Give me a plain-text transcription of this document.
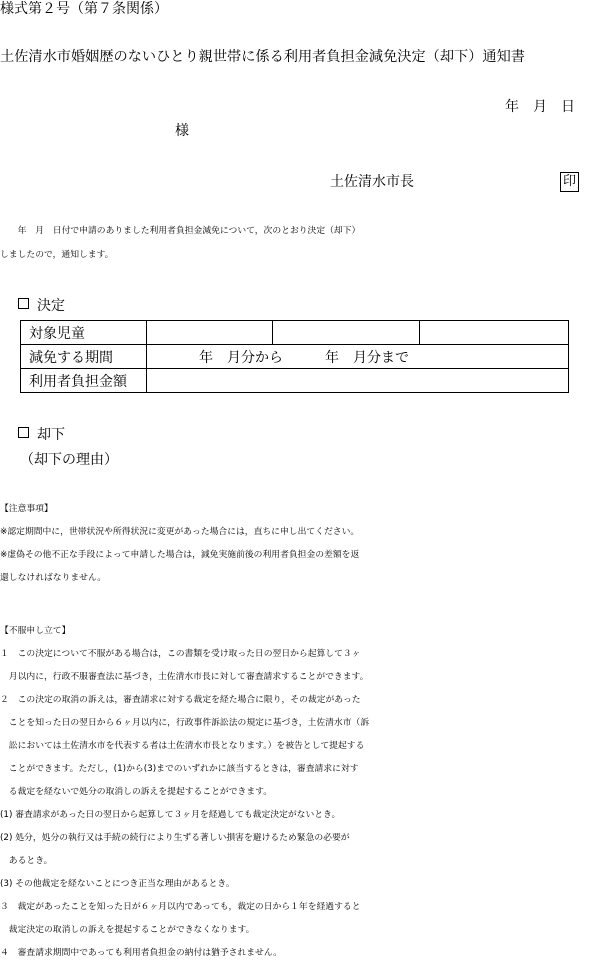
様式第２号（第７条関係）
土佐清水市婚姻歴のないひとり親世帯に係る利用者負担金減免決定（却下）通知書
年　月　日
様
土佐清水市長	印
　　年　月　日付で申請のありました利用者負担金減免について，次のとおり決定（却下）
しましたので，通知します。
決定
対象児童			
減免する期間	年　月分から　　　年　月分まで		
利用者負担金額			
却下
（却下の理由）
【注意事項】
※認定期間中に，世帯状況や所得状況に変更があった場合には，直ちに申し出てください。
※虚偽その他不正な手段によって申請した場合は，減免実施前後の利用者負担金の差額を返
還しなければなりません。
【不服申し立て】
１　この決定について不服がある場合は，この書類を受け取った日の翌日から起算して３ヶ
　月以内に，行政不服審査法に基づき，土佐清水市長に対して審査請求することができます。
２　この決定の取消の訴えは，審査請求に対する裁定を経た場合に限り，その裁定があった
　ことを知った日の翌日から６ヶ月以内に，行政事件訴訟法の規定に基づき，土佐清水市（訴
　訟においては土佐清水市を代表する者は土佐清水市長となります。）を被告として提起する
　ことができます。ただし，(1)から(3)までのいずれかに該当するときは，審査請求に対す
　る裁定を経ないで処分の取消しの訴えを提起することができます。
(1) 審査請求があった日の翌日から起算して３ヶ月を経過しても裁定決定がないとき。
(2) 処分，処分の執行又は手続の続行により生ずる著しい損害を避けるため緊急の必要が
　あるとき。
(3) その他裁定を経ないことにつき正当な理由があるとき。
３　裁定があったことを知った日が６ヶ月以内であっても，裁定の日から１年を経過すると
　裁定決定の取消しの訴えを提起することができなくなります。
４　審査請求期間中であっても利用者負担金の納付は猶予されません。
